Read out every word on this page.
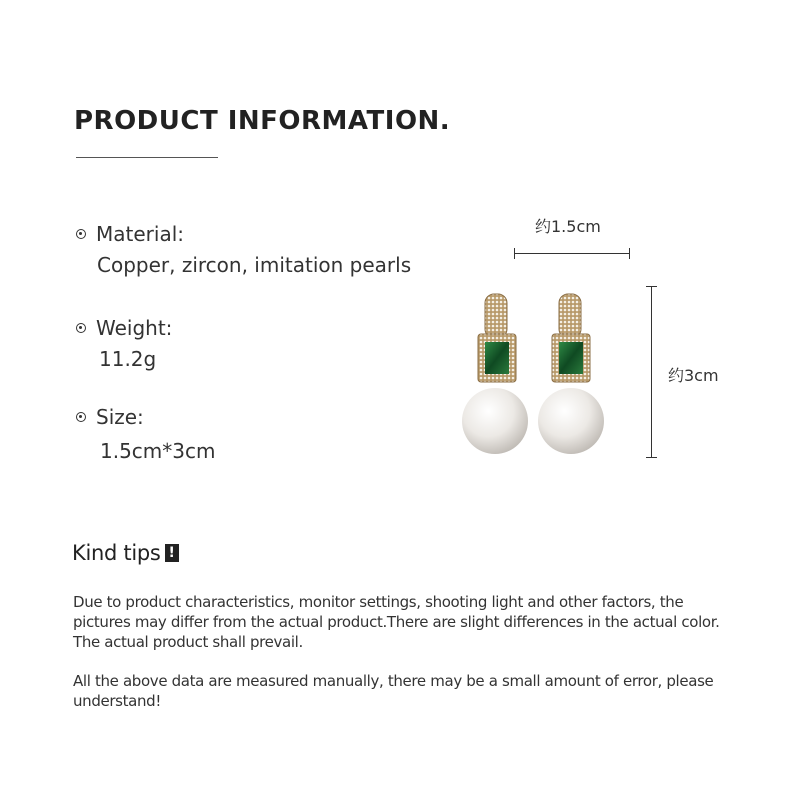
PRODUCT INFORMATION.
Material:
Copper, zircon, imitation pearls
Weight:
11.2g
Size:
1.5cm*3cm
约1.5cm
约3cm
Kind tips !

Due to product characteristics, monitor settings, shooting light and other factors, the pictures may differ from the actual product.There are slight differences in the actual color. The actual product shall prevail.

All the above data are measured manually, there may be a small amount of error, please understand!
